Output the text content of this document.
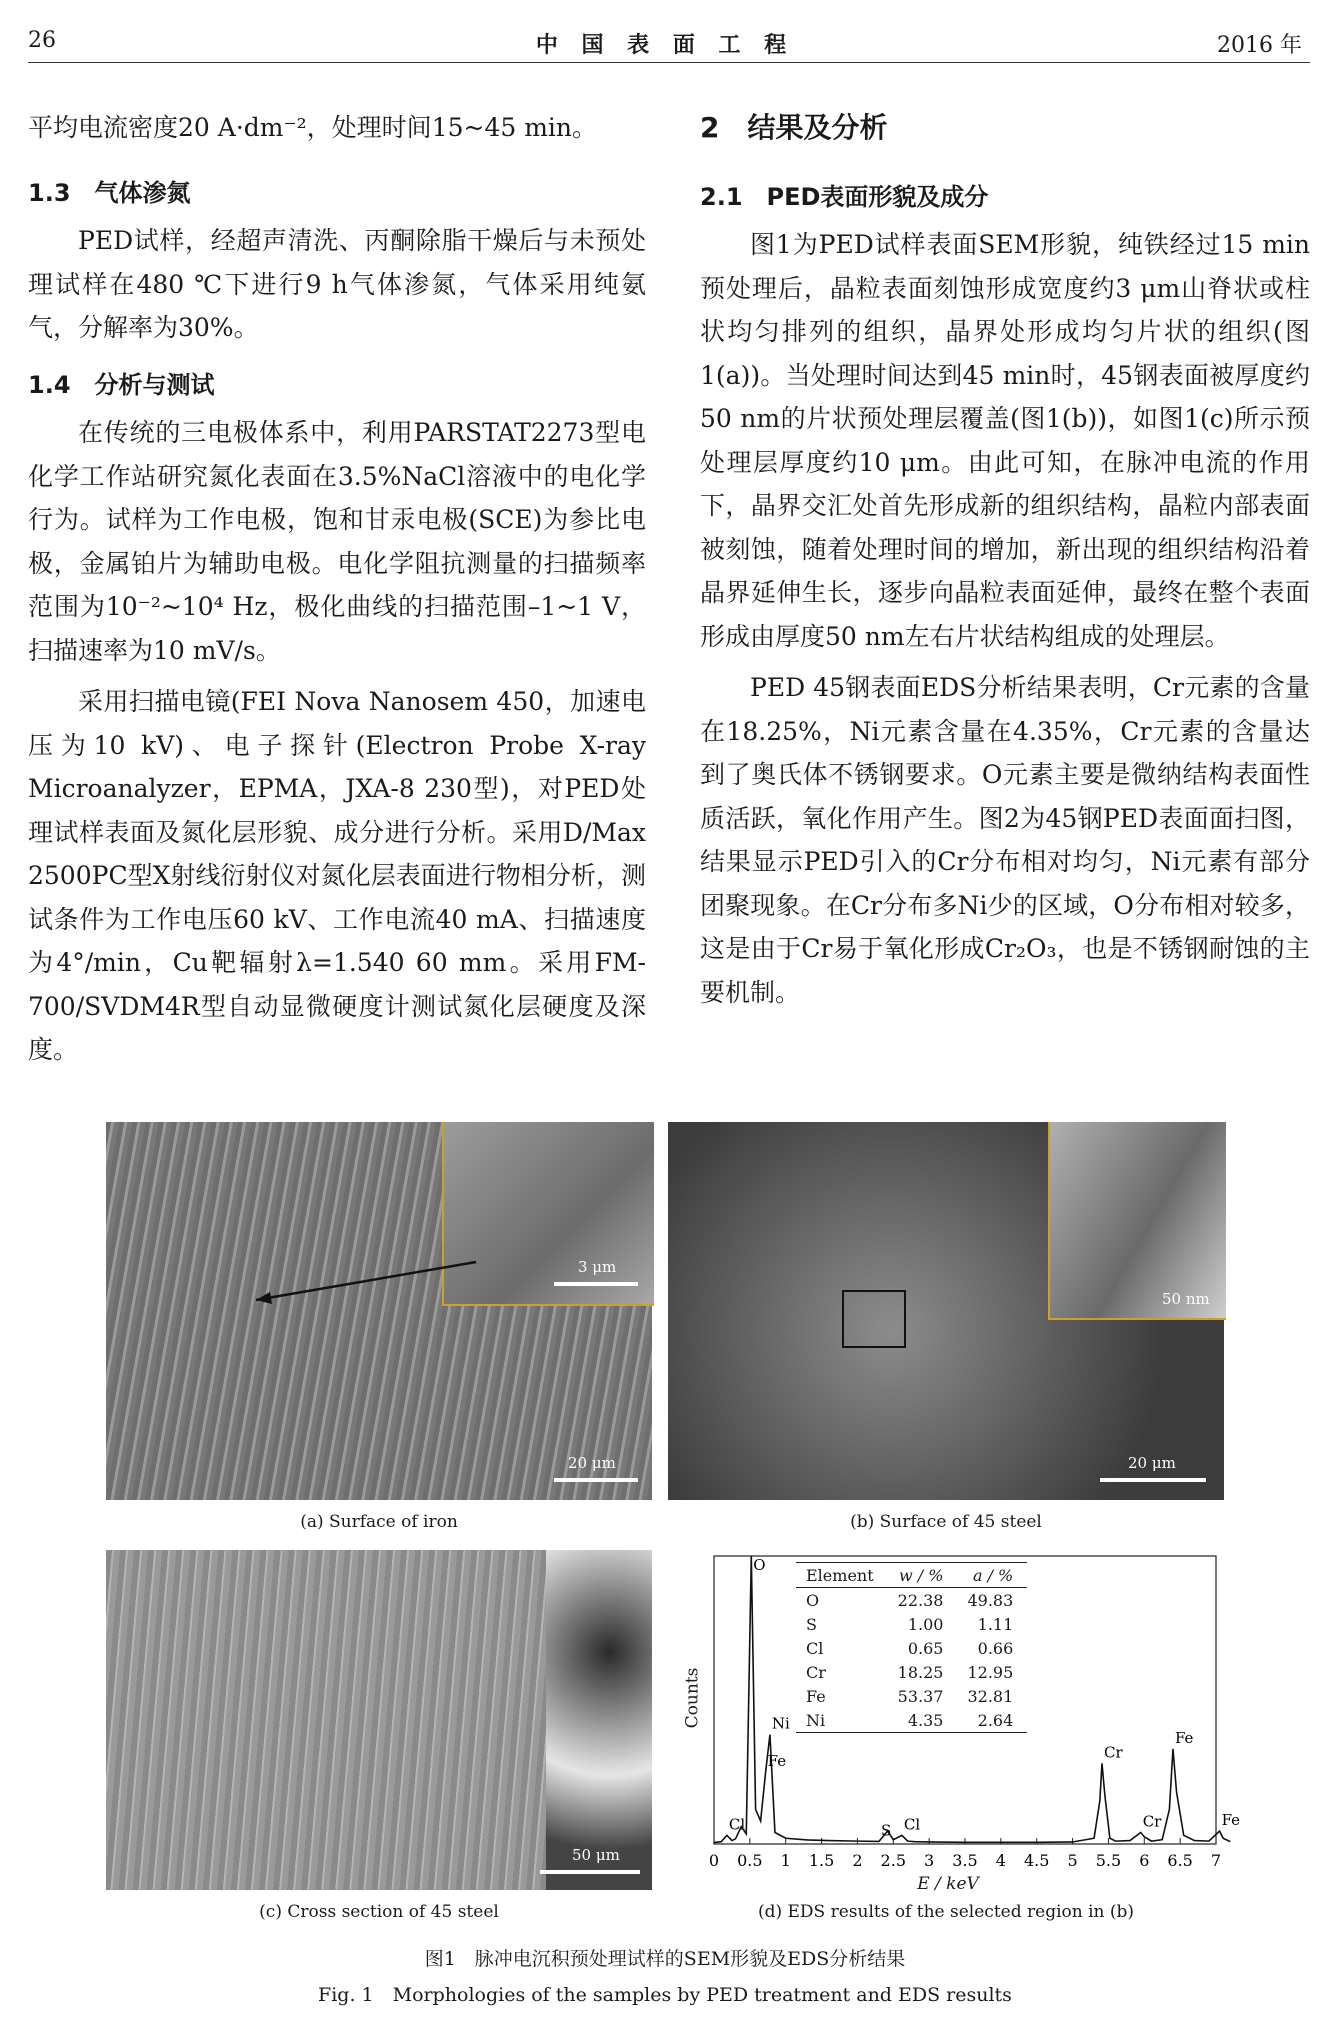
26	中 国 表 面 工 程	2016 年

平均电流密度20 A·dm⁻²，处理时间15~45 min。

1.3　气体渗氮

PED试样，经超声清洗、丙酮除脂干燥后与未预处理试样在480 ℃下进行9 h气体渗氮，气体采用纯氨气，分解率为30%。

1.4　分析与测试

在传统的三电极体系中，利用PARSTAT2273型电化学工作站研究氮化表面在3.5%NaCl溶液中的电化学行为。试样为工作电极，饱和甘汞电极(SCE)为参比电极，金属铂片为辅助电极。电化学阻抗测量的扫描频率范围为10⁻²~10⁴ Hz，极化曲线的扫描范围–1~1 V，扫描速率为10 mV/s。

采用扫描电镜(FEI Nova Nanosem 450，加速电压为10 kV)、电子探针(Electron Probe X-ray Microanalyzer，EPMA，JXA-8 230型)，对PED处理试样表面及氮化层形貌、成分进行分析。采用D/Max 2500PC型X射线衍射仪对氮化层表面进行物相分析，测试条件为工作电压60 kV、工作电流40 mA、扫描速度为4°/min，Cu靶辐射λ=1.540 60 mm。采用FM-700/SVDM4R型自动显微硬度计测试氮化层硬度及深度。

2　结果及分析

2.1　PED表面形貌及成分

图1为PED试样表面SEM形貌，纯铁经过15 min预处理后，晶粒表面刻蚀形成宽度约3 μm山脊状或柱状均匀排列的组织，晶界处形成均匀片状的组织(图1(a))。当处理时间达到45 min时，45钢表面被厚度约50 nm的片状预处理层覆盖(图1(b))，如图1(c)所示预处理层厚度约10 μm。由此可知，在脉冲电流的作用下，晶界交汇处首先形成新的组织结构，晶粒内部表面被刻蚀，随着处理时间的增加，新出现的组织结构沿着晶界延伸生长，逐步向晶粒表面延伸，最终在整个表面形成由厚度50 nm左右片状结构组成的处理层。

PED 45钢表面EDS分析结果表明，Cr元素的含量在18.25%，Ni元素含量在4.35%，Cr元素的含量达到了奥氏体不锈钢要求。O元素主要是微纳结构表面性质活跃，氧化作用产生。图2为45钢PED表面面扫图，结果显示PED引入的Cr分布相对均匀，Ni元素有部分团聚现象。在Cr分布多Ni少的区域，O分布相对较多，这是由于Cr易于氧化形成Cr₂O₃，也是不锈钢耐蚀的主要机制。

3 μm
20 μm
(a) Surface of iron
50 nm
20 μm
(b) Surface of 45 steel
50 μm
(c) Cross section of 45 steel
0 0.5 1 1.5 2 2.5 3 3.5 4 4.5 5 5.5 6 6.5 7
O
Cl
Fe
Ni
S Cl
Cr
Cr
Fe
Fe
Counts
E / keV
Element	w / %	a / %
O	22.38	49.83
S	1.00	1.11
Cl	0.65	0.66
Cr	18.25	12.95
Fe	53.37	32.81
Ni	4.35	2.64
(d) EDS results of the selected region in (b)
图1　脉冲电沉积预处理试样的SEM形貌及EDS分析结果
Fig. 1　Morphologies of the samples by PED treatment and EDS results
